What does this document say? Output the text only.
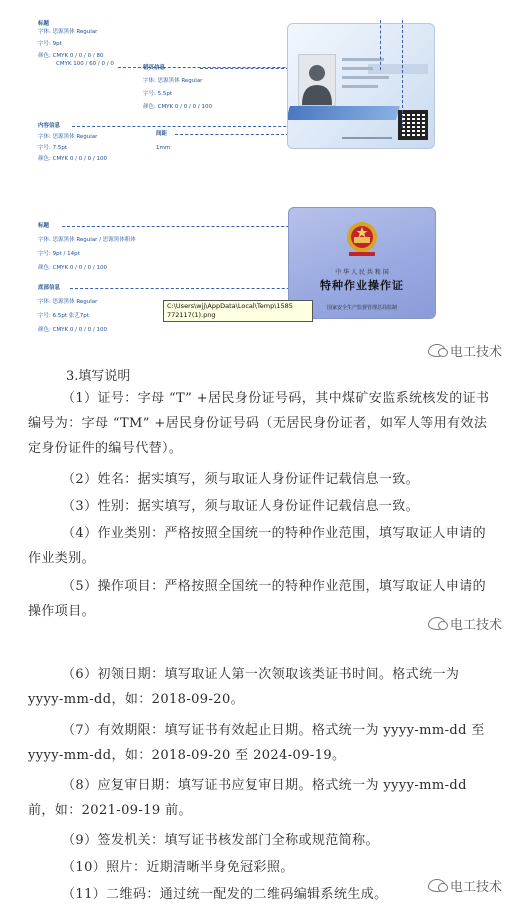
标题
字体: 思源黑体 Regular
字号: 9pt
颜色: CMYK 0 / 0 / 0 / 80
CMYK 100 / 60 / 0 / 0
错页信息
字体: 思源黑体 Regular
字号: 5.5pt
颜色: CMYK 0 / 0 / 0 / 100
内容信息
字体: 思源黑体 Regular
字号: 7.5pt
颜色: CMYK 0 / 0 / 0 / 100
间距
1mm
标题
字体: 思源黑体 Regular / 思源黑体粗体
字号: 9pt / 14pt
颜色: CMYK 0 / 0 / 0 / 100
底部信息
字体: 思源黑体 Regular
字号: 6.5pt 张艺7pt
颜色: CMYK 0 / 0 / 0 / 100
中 华 人 民 共 和 国
特种作业操作证
国家安全生产监督管理总局监制
C:\Users\wjj\AppData\Local\Temp\1585
772117(1).png
电工技术
3.填写说明
（1）证号：字母 “T” +居民身份证号码，其中煤矿安监系统核发的证书编号为：字母 “TM” +居民身份证号码（无居民身份证者，如军人等用有效法定身份证件的编号代替）。
（2）姓名：据实填写，须与取证人身份证件记载信息一致。
（3）性别：据实填写，须与取证人身份证件记载信息一致。
（4）作业类别：严格按照全国统一的特种作业范围，填写取证人申请的作业类别。
（5）操作项目：严格按照全国统一的特种作业范围，填写取证人申请的操作项目。
电工技术
（6）初领日期：填写取证人第一次领取该类证书时间。格式统一为 yyyy-mm-dd，如：2018-09-20。
（7）有效期限：填写证书有效起止日期。格式统一为 yyyy-mm-dd 至 yyyy-mm-dd，如：2018-09-20 至 2024-09-19。
（8）应复审日期：填写证书应复审日期。格式统一为 yyyy-mm-dd 前，如：2021-09-19 前。
（9）签发机关：填写证书核发部门全称或规范简称。
（10）照片：近期清晰半身免冠彩照。
（11）二维码：通过统一配发的二维码编辑系统生成。	电工技术
